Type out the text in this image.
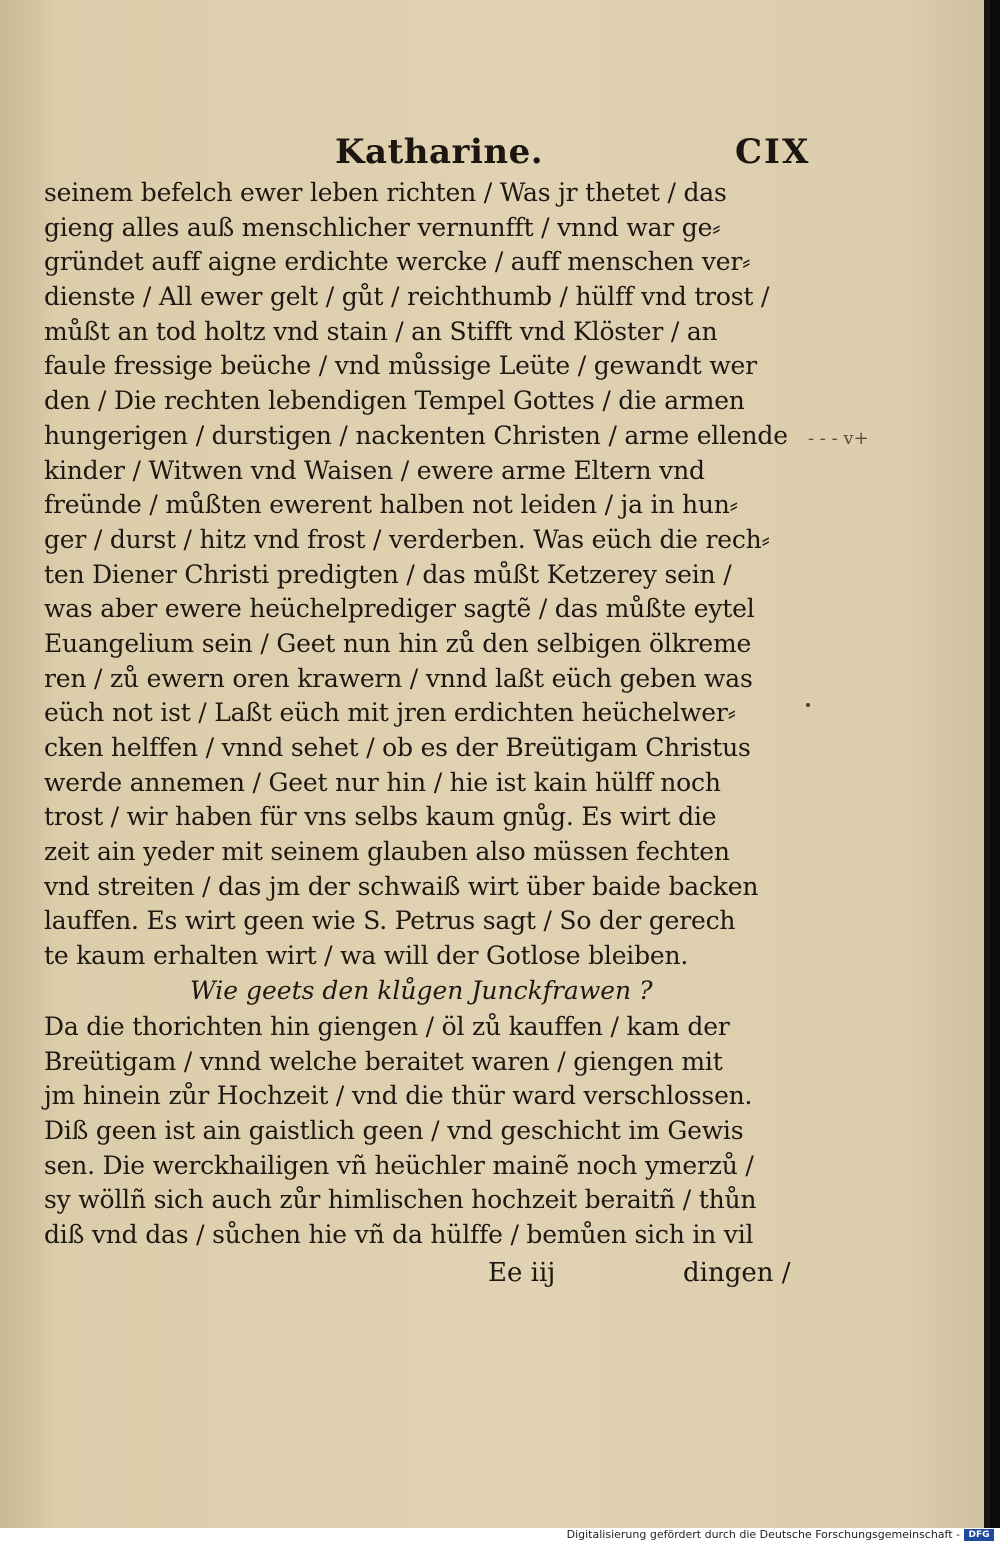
Katharine.	CIX
seinem befelch ewer leben richten / Was jr thetet / das
gieng alles auß menschlicher vernunfft / vnnd war ge⸗
gründet auff aigne erdichte wercke / auff menschen ver⸗
dienste / All ewer gelt / gůt / reichthumb / hülff vnd trost /
můßt an tod holtz vnd stain / an Stifft vnd Klöster / an
faule fressige beüche / vnd můssige Leüte / gewandt wer
den / Die rechten lebendigen Tempel Gottes / die armen
hungerigen / durstigen / nackenten Christen / arme ellende
kinder / Witwen vnd Waisen / ewere arme Eltern vnd
freünde / můßten ewerent halben not leiden / ja in hun⸗
ger / durst / hitz vnd frost / verderben. Was eüch die rech⸗
ten Diener Christi predigten / das můßt Ketzerey sein /
was aber ewere heüchelprediger sagtẽ / das můßte eytel
Euangelium sein / Geet nun hin zů den selbigen ölkreme
ren / zů ewern oren krawern / vnnd laßt eüch geben was
eüch not ist / Laßt eüch mit jren erdichten heüchelwer⸗
cken helffen / vnnd sehet / ob es der Breütigam Christus
werde annemen / Geet nur hin / hie ist kain hülff noch
trost / wir haben für vns selbs kaum gnůg. Es wirt die
zeit ain yeder mit seinem glauben also müssen fechten
vnd streiten / das jm der schwaiß wirt über baide backen
lauffen. Es wirt geen wie S. Petrus sagt / So der gerech
te kaum erhalten wirt / wa will der Gotlose bleiben.
Wie geets den klůgen Junckfrawen ?
Da die thorichten hin giengen / öl zů kauffen / kam der
Breütigam / vnnd welche beraitet waren / giengen mit
jm hinein zůr Hochzeit / vnd die thür ward verschlossen.
Diß geen ist ain gaistlich geen / vnd geschicht im Gewis
sen. Die werckhailigen vñ heüchler mainẽ noch ymerzů /
sy wöllñ sich auch zůr himlischen hochzeit beraitñ / thůn
diß vnd das / sůchen hie vñ da hülffe / bemůen sich in vil
Ee iij	dingen /
- - - v+
Digitalisierung gefördert durch die Deutsche Forschungsgemeinschaft - DFG
